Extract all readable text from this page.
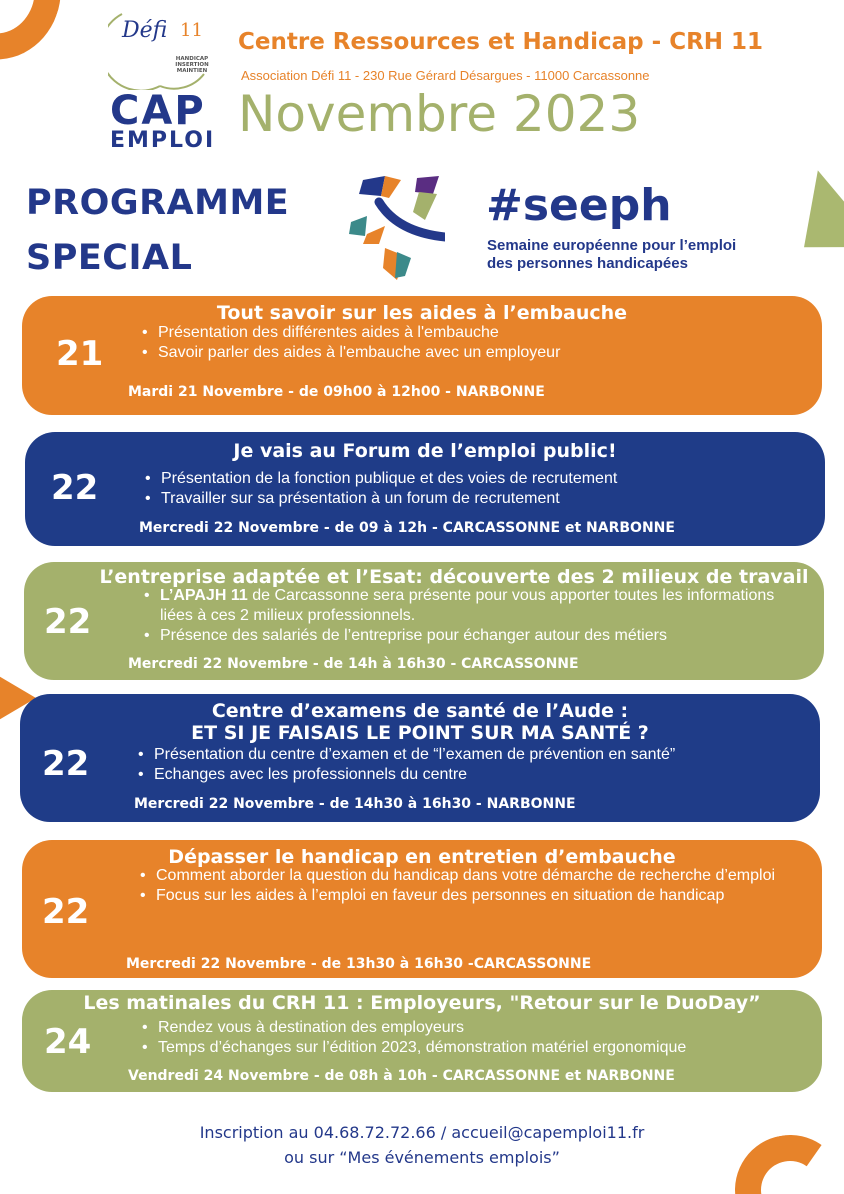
Défi 11
HANDICAP INSERTION MAINTIEN
CAP
EMPLOI
Centre Ressources et Handicap - CRH 11
Association Défi 11 - 230 Rue Gérard Désargues - 11000 Carcassonne
Novembre 2023
PROGRAMME
SPECIAL
#seeph
Semaine européenne pour l’emploi
des personnes handicapées
21
Tout savoir sur les aides à l’embauche
• Présentation des différentes aides à l'embauche
• Savoir parler des aides à l'embauche avec un employeur
Mardi 21 Novembre - de 09h00 à 12h00 - NARBONNE
22
Je vais au Forum de l’emploi public!
• Présentation de la fonction publique et des voies de recrutement
• Travailler sur sa présentation à un forum de recrutement
Mercredi 22 Novembre - de 09 à 12h - CARCASSONNE et NARBONNE
22
L’entreprise adaptée et l’Esat: découverte des 2 milieux de travail
• L’APAJH 11 de Carcassonne sera présente pour vous apporter toutes les informations liées à ces 2 milieux professionnels.
• Présence des salariés de l’entreprise pour échanger autour des métiers
Mercredi 22 Novembre - de 14h à 16h30 - CARCASSONNE
22
Centre d’examens de santé de l’Aude :
ET SI JE FAISAIS LE POINT SUR MA SANTÉ ?
• Présentation du centre d’examen et de “l’examen de prévention en santé”
• Echanges avec les professionnels du centre
Mercredi 22 Novembre - de 14h30 à 16h30 - NARBONNE
22
Dépasser le handicap en entretien d’embauche
• Comment aborder la question du handicap dans votre démarche de recherche d’emploi
• Focus sur les aides à l’emploi en faveur des personnes en situation de handicap
Mercredi 22 Novembre - de 13h30 à 16h30 -CARCASSONNE
24
Les matinales du CRH 11 : Employeurs, "Retour sur le DuoDay”
• Rendez vous à destination des employeurs
• Temps d’échanges sur l’édition 2023, démonstration matériel ergonomique
Vendredi 24 Novembre - de 08h à 10h - CARCASSONNE et NARBONNE
Inscription au 04.68.72.72.66 / accueil@capemploi11.fr
ou sur “Mes événements emplois”
